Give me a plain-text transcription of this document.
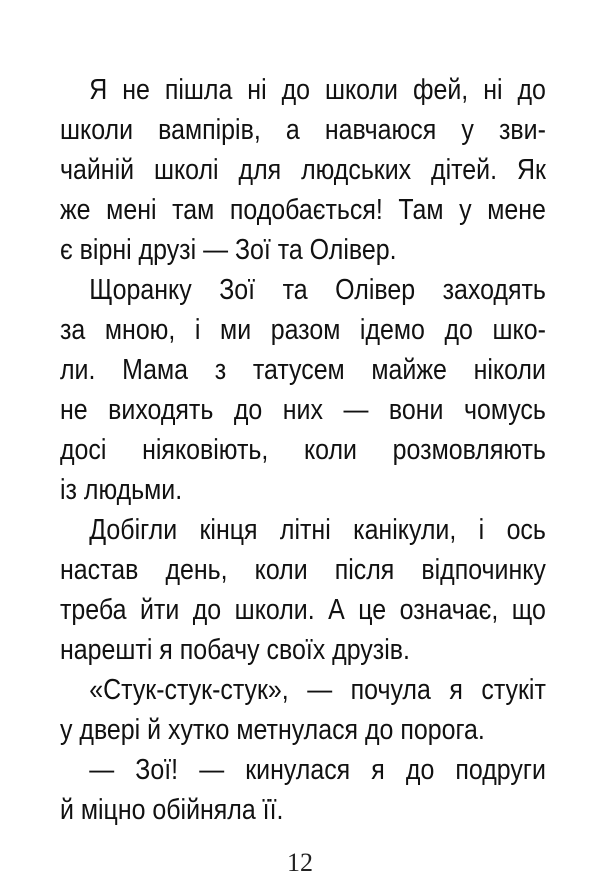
Я не пішла ні до школи фей, ні до
школи вампірів, а навчаюся у зви-
чайній школі для людських дітей. Як
же мені там подобається! Там у мене
є вірні друзі — Зої та Олівер.
Щоранку Зої та Олівер заходять
за мною, і ми разом ідемо до шко-
ли. Мама з татусем майже ніколи
не виходять до них — вони чомусь
досі ніяковіють, коли розмовляють
із людьми.
Добігли кінця літні канікули, і ось
настав день, коли після відпочинку
треба йти до школи. А це означає, що
нарешті я побачу своїх друзів.
«Стук-стук-стук», — почула я стукіт
у двері й хутко метнулася до порога.
— Зої! — кинулася я до подруги
й міцно обійняла її.
12
